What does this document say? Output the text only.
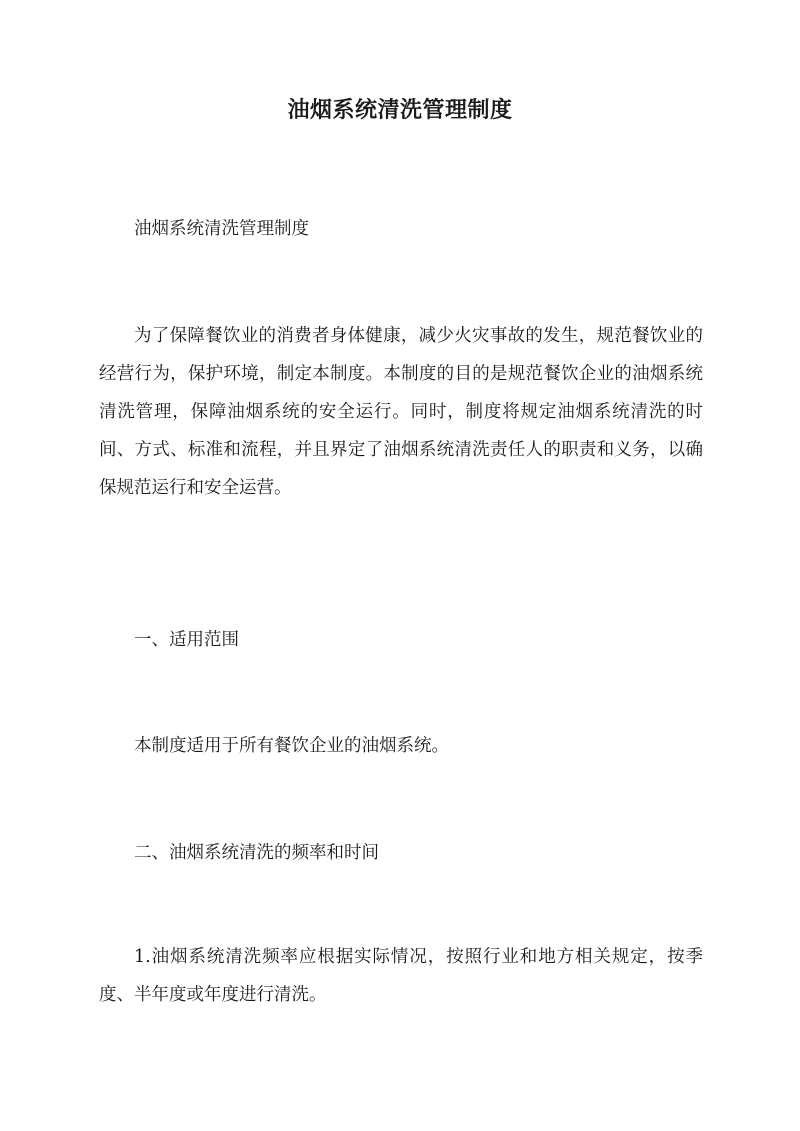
油烟系统清洗管理制度

油烟系统清洗管理制度

为了保障餐饮业的消费者身体健康，减少火灾事故的发生，规范餐饮业的经营行为，保护环境，制定本制度。本制度的目的是规范餐饮企业的油烟系统清洗管理，保障油烟系统的安全运行。同时，制度将规定油烟系统清洗的时间、方式、标准和流程，并且界定了油烟系统清洗责任人的职责和义务，以确保规范运行和安全运营。

一、适用范围

本制度适用于所有餐饮企业的油烟系统。

二、油烟系统清洗的频率和时间

1.油烟系统清洗频率应根据实际情况，按照行业和地方相关规定，按季度、半年度或年度进行清洗。
